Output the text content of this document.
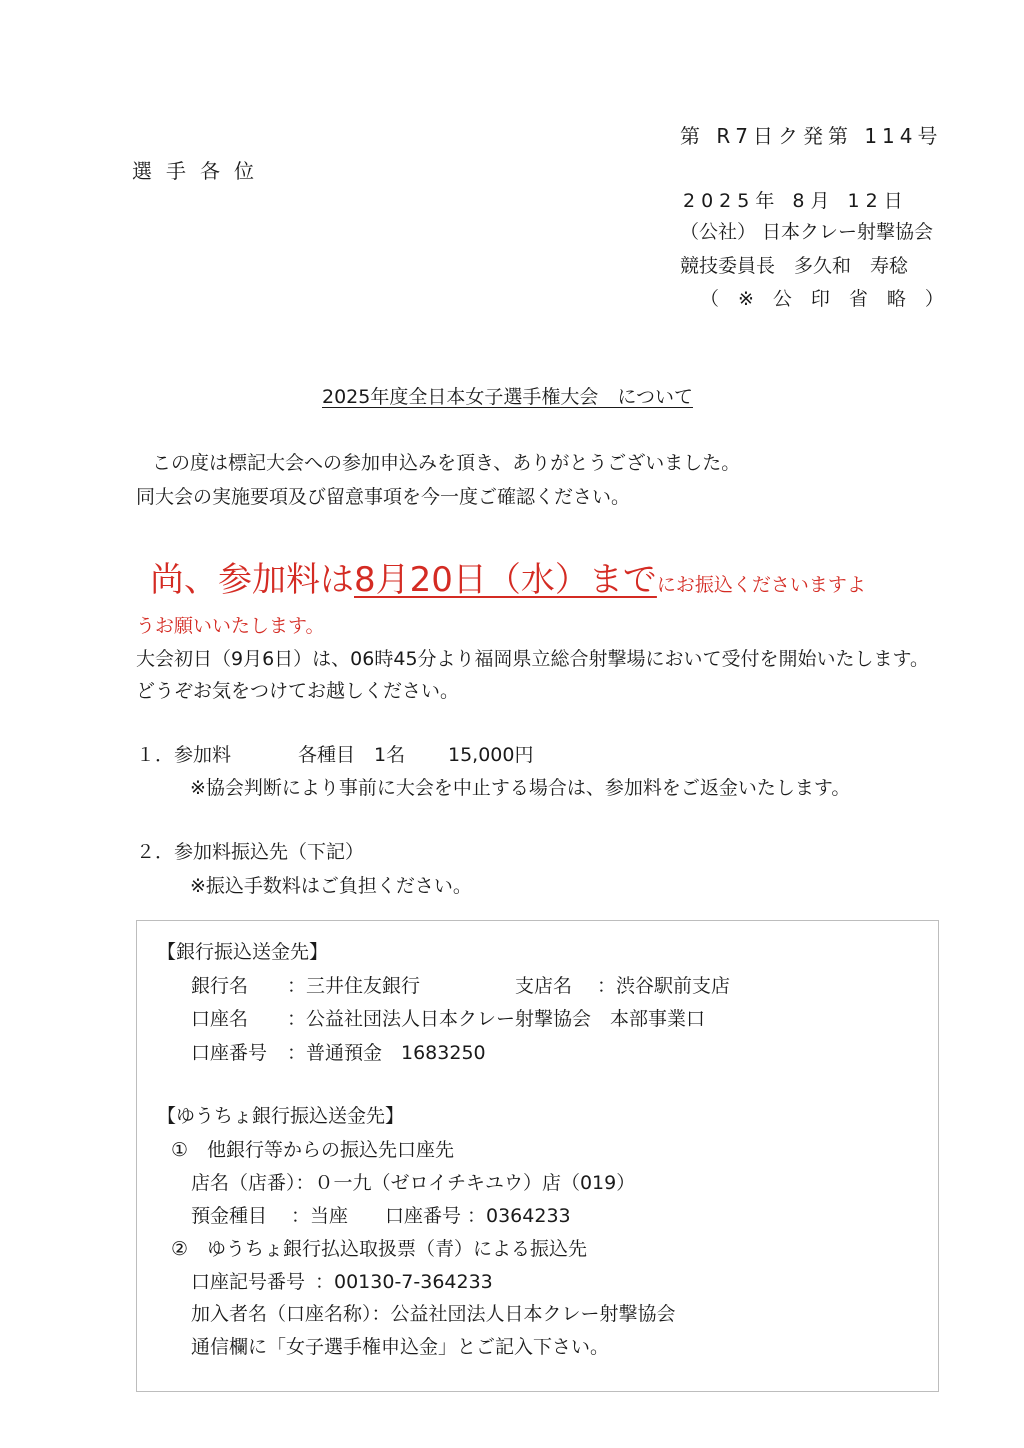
第 R7日ク発第 114号
選手各位
2025年 8月 12日
（公社） 日本クレー射撃協会
競技委員長　多久和　寿稔
（※公印省略）
2025年度全日本女子選手権大会　について
この度は標記大会への参加申込みを頂き、ありがとうございました。
同大会の実施要項及び留意事項を今一度ご確認ください。
尚、参加料は8月20日（水）までにお振込くださいますよ
うお願いいたします。
大会初日（9月6日）は、06時45分より福岡県立総合射撃場において受付を開始いたします。
どうぞお気をつけてお越しください。
１．参加料	各種目　1名 15,000円
※協会判断により事前に大会を中止する場合は、参加料をご返金いたします。
２．参加料振込先（下記）
※振込手数料はご負担ください。
【銀行振込送金先】
銀行名 ：三井住友銀行	支店名 ：渋谷駅前支店
口座名 ：公益社団法人日本クレー射撃協会　本部事業口
口座番号 ：普通預金　1683250
【ゆうちょ銀行振込送金先】
①　他銀行等からの振込先口座先
店名（店番）：０一九（ゼロイチキユウ）店（019）
預金種目 ：当座 口座番号 ：0364233
②　ゆうちょ銀行払込取扱票（青）による振込先
口座記号番号 ：00130-7-364233
加入者名（口座名称）：公益社団法人日本クレー射撃協会
通信欄に「女子選手権申込金」とご記入下さい。
